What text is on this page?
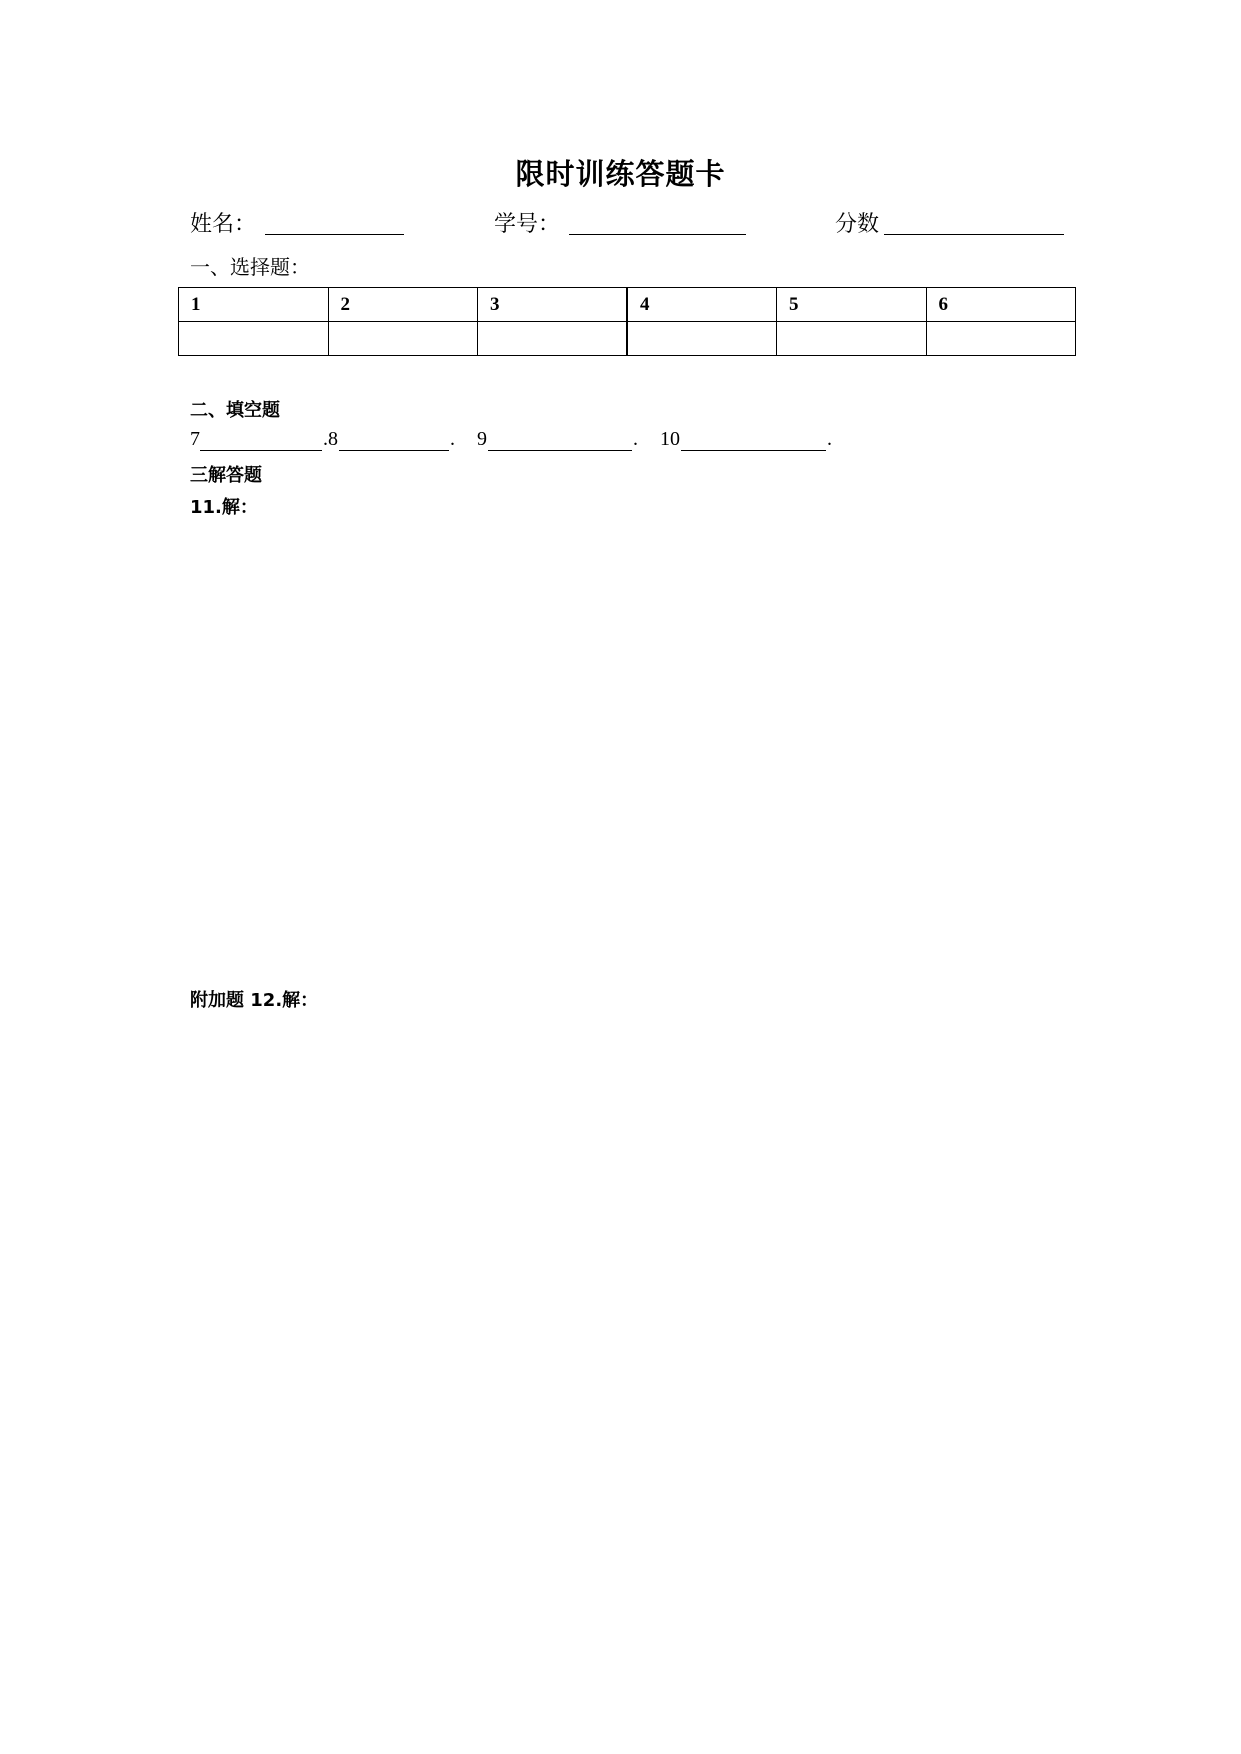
限时训练答题卡
姓名：	学号：	分数
一、选择题：
1	2	3	4	5	6

二、填空题
7	. 8	. 9	. 10	.
三解答题
11.解：
附加题 12.解：
